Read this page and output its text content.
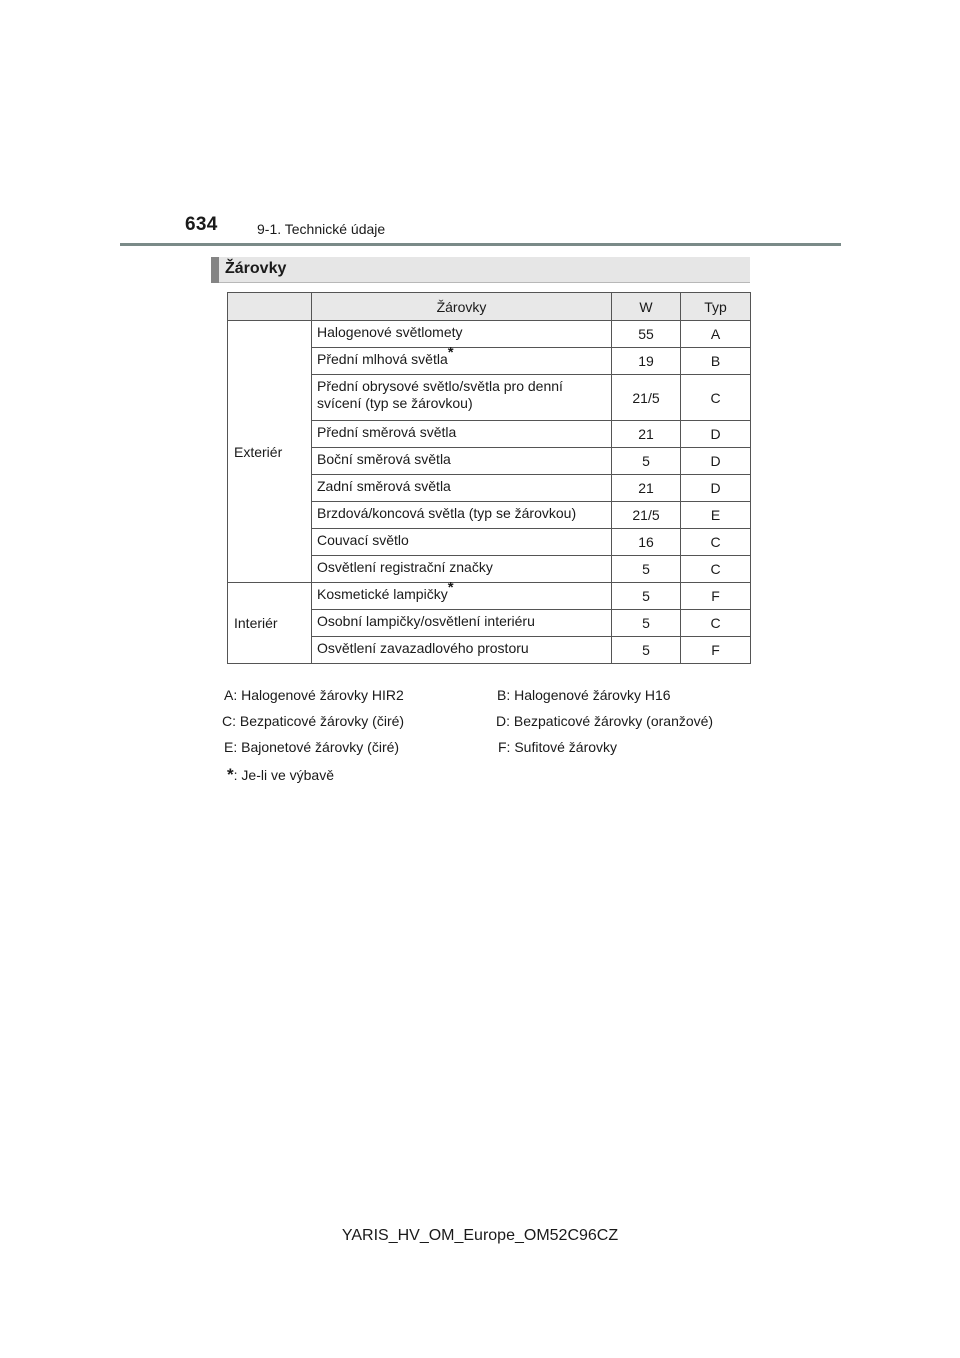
634	9-1. Technické údaje
Žárovky
	Žárovky	W	Typ
Exteriér	Halogenové světlomety	55	A
	Přední mlhová světla*	19	B
	Přední obrysové světlo/světla pro denní svícení (typ se žárovkou)	21/5	C
	Přední směrová světla	21	D
	Boční směrová světla	5	D
	Zadní směrová světla	21	D
	Brzdová/koncová světla (typ se žárovkou)	21/5	E
	Couvací světlo	16	C
	Osvětlení registrační značky	5	C
Interiér	Kosmetické lampičky*	5	F
	Osobní lampičky/osvětlení interiéru	5	C
	Osvětlení zavazadlového prostoru	5	F
A: Halogenové žárovky HIR2	B: Halogenové žárovky H16
C: Bezpaticové žárovky (čiré)	D: Bezpaticové žárovky (oranžové)
E: Bajonetové žárovky (čiré)	F: Sufitové žárovky
*: Je-li ve výbavě
YARIS_HV_OM_Europe_OM52C96CZ
